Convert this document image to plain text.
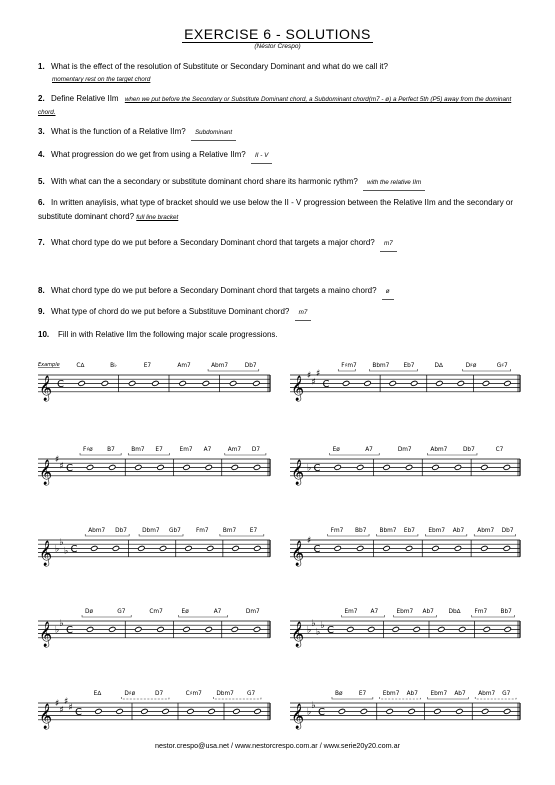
EXERCISE 6 - SOLUTIONS
(Néstor Crespo)
1. What is the effect of the resolution of Substitute or Secondary Dominant and what do we call it?
momentary rest on the target chord
2. Define Relative IIm when we put before the Secondary or Substitute Dominant chord, a Subdominant chord(m7 - ø) a Perfect 5th (P5) away from the dominant chord.
3. What is the function of a Relative IIm? Subdominant
4. What progression do we get from using a Relative IIm? II - V
5. With what can the a secondary or substitute dominant chord share its harmonic rythm? with the relative IIm
6. In written anaylisis, what type of bracket should we use below the II - V progression between the Relative IIm and the secondary or substitute dominant chord? full line bracket
7. What chord type do we put before a Secondary Dominant chord that targets a major chord? m7
8. What chord type do we put before a Secondary Dominant chord that targets a maino chord? ø
9. What type of chord do we put before a Substituve Dominant chord? m7
10. Fill in with Relative IIm the following major scale progressions.
𝄞 C
C∆	B♭	E7	Am7	Abm7	Db7
Example
𝄞 ♯
♯
♯
C
F♯m7	Bbm7 Eb7	D∆	D♯ø	G♯7
𝄞 ♯
♯ C
F♯ø B7	Bm7 E7	Em7 A7	Am7 D7
𝄞 ♭ C
Eø	A7	Dm7	Abm7	Db7	C7
𝄞 ♭
♭
♭ C
Abm7 Db7	Dbm7 Gb7	Fm7 Bm7 E7
𝄞 ♯
C
Fm7 Bb7 Bbm7 Eb7 Ebm7 Ab7 Abm7 Db7
𝄞 ♭
♭
C
Dø	G7	Cm7	Eø	A7	Dm7
𝄞 ♭
♭
♭
♭ C
Em7 A7	Ebm7 Ab7	Db∆ Fm7 Bb7
𝄞 ♯
♯
♯
♯ C
E∆	D♯ø	D7	C♯m7 Dbm7 G7
𝄞 ♭
♭
C
Bø	E7	Ebm7 Ab7 Ebm7 Ab7 Abm7 G7
nestor.crespo@usa.net / www.nestorcrespo.com.ar / www.serie20y20.com.ar
